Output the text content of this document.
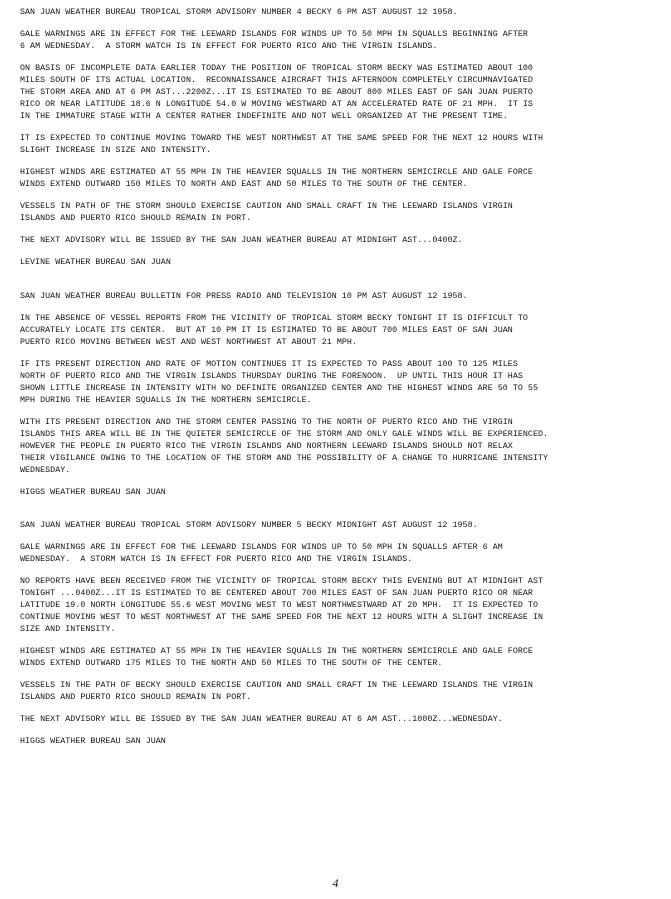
SAN JUAN WEATHER BUREAU TROPICAL STORM ADVISORY NUMBER 4 BECKY 6 PM AST AUGUST 12 1958.
GALE WARNINGS ARE IN EFFECT FOR THE LEEWARD ISLANDS FOR WINDS UP TO 50 MPH IN SQUALLS BEGINNING AFTER
6 AM WEDNESDAY.  A STORM WATCH IS IN EFFECT FOR PUERTO RICO AND THE VIRGIN ISLANDS.
ON BASIS OF INCOMPLETE DATA EARLIER TODAY THE POSITION OF TROPICAL STORM BECKY WAS ESTIMATED ABOUT 100
MILES SOUTH OF ITS ACTUAL LOCATION.  RECONNAISSANCE AIRCRAFT THIS AFTERNOON COMPLETELY CIRCUMNAVIGATED
THE STORM AREA AND AT 6 PM AST...2200Z...IT IS ESTIMATED TO BE ABOUT 800 MILES EAST OF SAN JUAN PUERTO
RICO OR NEAR LATITUDE 18.6 N LONGITUDE 54.0 W MOVING WESTWARD AT AN ACCELERATED RATE OF 21 MPH.  IT IS
IN THE IMMATURE STAGE WITH A CENTER RATHER INDEFINITE AND NOT WELL ORGANIZED AT THE PRESENT TIME.
IT IS EXPECTED TO CONTINUE MOVING TOWARD THE WEST NORTHWEST AT THE SAME SPEED FOR THE NEXT 12 HOURS WITH
SLIGHT INCREASE IN SIZE AND INTENSITY.
HIGHEST WINDS ARE ESTIMATED AT 55 MPH IN THE HEAVIER SQUALLS IN THE NORTHERN SEMICIRCLE AND GALE FORCE
WINDS EXTEND OUTWARD 150 MILES TO NORTH AND EAST AND 50 MILES TO THE SOUTH OF THE CENTER.
VESSELS IN PATH OF THE STORM SHOULD EXERCISE CAUTION AND SMALL CRAFT IN THE LEEWARD ISLANDS VIRGIN
ISLANDS AND PUERTO RICO SHOULD REMAIN IN PORT.
THE NEXT ADVISORY WILL BE ISSUED BY THE SAN JUAN WEATHER BUREAU AT MIDNIGHT AST...0400Z.
LEVINE WEATHER BUREAU SAN JUAN
SAN JUAN WEATHER BUREAU BULLETIN FOR PRESS RADIO AND TELEVISION 10 PM AST AUGUST 12 1958.
IN THE ABSENCE OF VESSEL REPORTS FROM THE VICINITY OF TROPICAL STORM BECKY TONIGHT IT IS DIFFICULT TO
ACCURATELY LOCATE ITS CENTER.  BUT AT 10 PM IT IS ESTIMATED TO BE ABOUT 700 MILES EAST OF SAN JUAN
PUERTO RICO MOVING BETWEEN WEST AND WEST NORTHWEST AT ABOUT 21 MPH.
IF ITS PRESENT DIRECTION AND RATE OF MOTION CONTINUES IT IS EXPECTED TO PASS ABOUT 100 TO 125 MILES
NORTH OF PUERTO RICO AND THE VIRGIN ISLANDS THURSDAY DURING THE FORENOON.  UP UNTIL THIS HOUR IT HAS
SHOWN LITTLE INCREASE IN INTENSITY WITH NO DEFINITE ORGANIZED CENTER AND THE HIGHEST WINDS ARE 50 TO 55
MPH DURING THE HEAVIER SQUALLS IN THE NORTHERN SEMICIRCLE.
WITH ITS PRESENT DIRECTION AND THE STORM CENTER PASSING TO THE NORTH OF PUERTO RICO AND THE VIRGIN
ISLANDS THIS AREA WILL BE IN THE QUIETER SEMICIRCLE OF THE STORM AND ONLY GALE WINDS WILL BE EXPERIENCED.
HOWEVER THE PEOPLE IN PUERTO RICO THE VIRGIN ISLANDS AND NORTHERN LEEWARD ISLANDS SHOULD NOT RELAX
THEIR VIGILANCE OWING TO THE LOCATION OF THE STORM AND THE POSSIBILITY OF A CHANGE TO HURRICANE INTENSITY
WEDNESDAY.
HIGGS WEATHER BUREAU SAN JUAN
SAN JUAN WEATHER BUREAU TROPICAL STORM ADVISORY NUMBER 5 BECKY MIDNIGHT AST AUGUST 12 1958.
GALE WARNINGS ARE IN EFFECT FOR THE LEEWARD ISLANDS FOR WINDS UP TO 50 MPH IN SQUALLS AFTER 6 AM
WEDNESDAY.  A STORM WATCH IS IN EFFECT FOR PUERTO RICO AND THE VIRGIN ISLANDS.
NO REPORTS HAVE BEEN RECEIVED FROM THE VICINITY OF TROPICAL STORM BECKY THIS EVENING BUT AT MIDNIGHT AST
TONIGHT ...0400Z...IT IS ESTIMATED TO BE CENTERED ABOUT 700 MILES EAST OF SAN JUAN PUERTO RICO OR NEAR
LATITUDE 19.0 NORTH LONGITUDE 55.6 WEST MOVING WEST TO WEST NORTHWESTWARD AT 20 MPH.  IT IS EXPECTED TO
CONTINUE MOVING WEST TO WEST NORTHWEST AT THE SAME SPEED FOR THE NEXT 12 HOURS WITH A SLIGHT INCREASE IN
SIZE AND INTENSITY.
HIGHEST WINDS ARE ESTIMATED AT 55 MPH IN THE HEAVIER SQUALLS IN THE NORTHERN SEMICIRCLE AND GALE FORCE
WINDS EXTEND OUTWARD 175 MILES TO THE NORTH AND 50 MILES TO THE SOUTH OF THE CENTER.
VESSELS IN THE PATH OF BECKY SHOULD EXERCISE CAUTION AND SMALL CRAFT IN THE LEEWARD ISLANDS THE VIRGIN
ISLANDS AND PUERTO RICO SHOULD REMAIN IN PORT.
THE NEXT ADVISORY WILL BE ISSUED BY THE SAN JUAN WEATHER BUREAU AT 6 AM AST...1000Z...WEDNESDAY.
HIGGS WEATHER BUREAU SAN JUAN
4
